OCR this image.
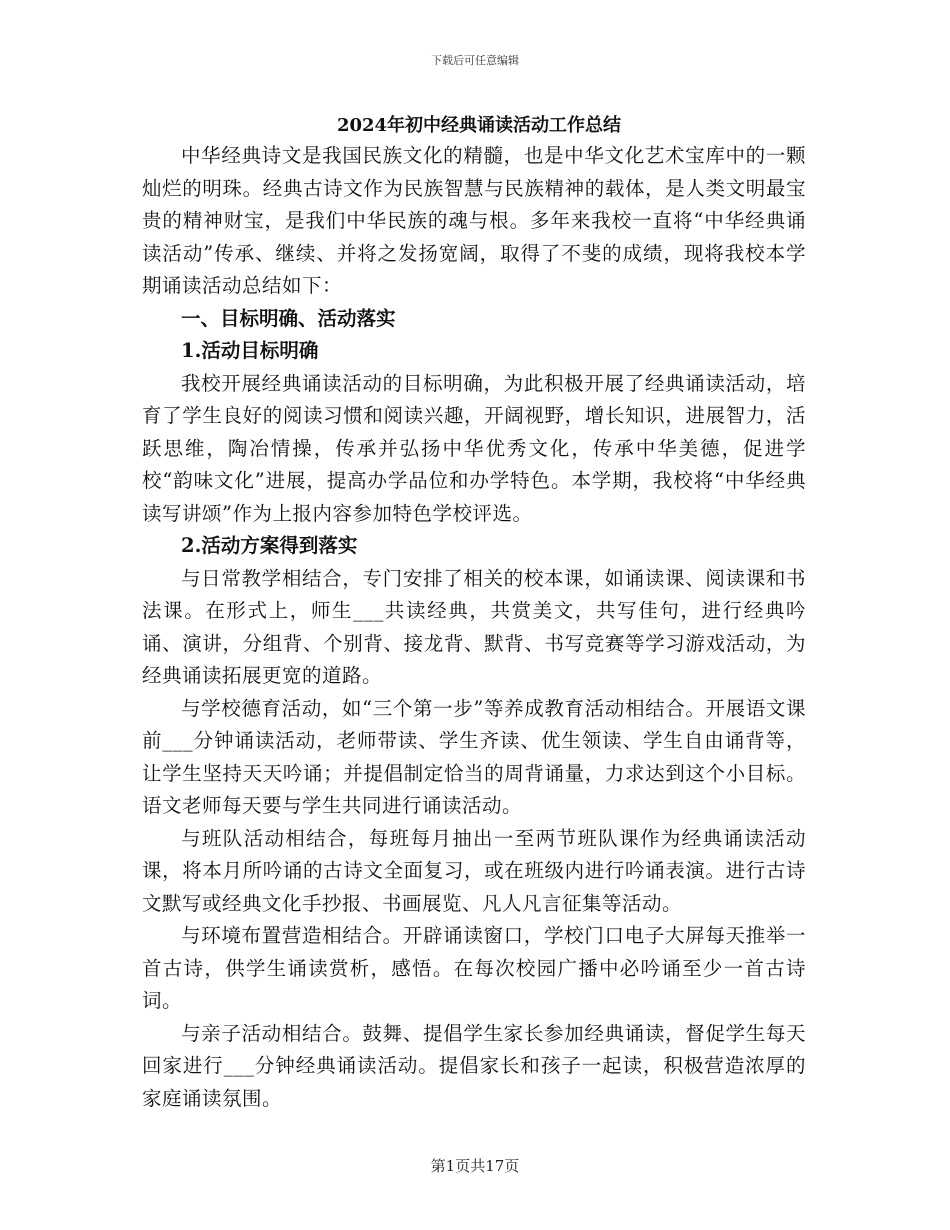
下载后可任意编辑
2024年初中经典诵读活动工作总结

中华经典诗文是我国民族文化的精髓，也是中华文化艺术宝库中的一颗灿烂的明珠。经典古诗文作为民族智慧与民族精神的载体，是人类文明最宝贵的精神财宝，是我们中华民族的魂与根。多年来我校一直将“中华经典诵读活动”传承、继续、并将之发扬宽阔，取得了不斐的成绩，现将我校本学期诵读活动总结如下：

一、目标明确、活动落实

1.活动目标明确

我校开展经典诵读活动的目标明确，为此积极开展了经典诵读活动，培育了学生良好的阅读习惯和阅读兴趣，开阔视野，增长知识，进展智力，活跃思维，陶冶情操，传承并弘扬中华优秀文化，传承中华美德，促进学校“韵味文化”进展，提高办学品位和办学特色。本学期，我校将“中华经典读写讲颂”作为上报内容参加特色学校评选。

2.活动方案得到落实

与日常教学相结合，专门安排了相关的校本课，如诵读课、阅读课和书法课。在形式上，师生___共读经典，共赏美文，共写佳句，进行经典吟诵、演讲，分组背、个别背、接龙背、默背、书写竞赛等学习游戏活动，为经典诵读拓展更宽的道路。

与学校德育活动，如“三个第一步”等养成教育活动相结合。开展语文课前___分钟诵读活动，老师带读、学生齐读、优生领读、学生自由诵背等，让学生坚持天天吟诵；并提倡制定恰当的周背诵量，力求达到这个小目标。语文老师每天要与学生共同进行诵读活动。

与班队活动相结合，每班每月抽出一至两节班队课作为经典诵读活动课，将本月所吟诵的古诗文全面复习，或在班级内进行吟诵表演。进行古诗文默写或经典文化手抄报、书画展览、凡人凡言征集等活动。

与环境布置营造相结合。开辟诵读窗口，学校门口电子大屏每天推举一首古诗，供学生诵读赏析，感悟。在每次校园广播中必吟诵至少一首古诗词。

与亲子活动相结合。鼓舞、提倡学生家长参加经典诵读，督促学生每天回家进行___分钟经典诵读活动。提倡家长和孩子一起读，积极营造浓厚的家庭诵读氛围。

第1页共17页
